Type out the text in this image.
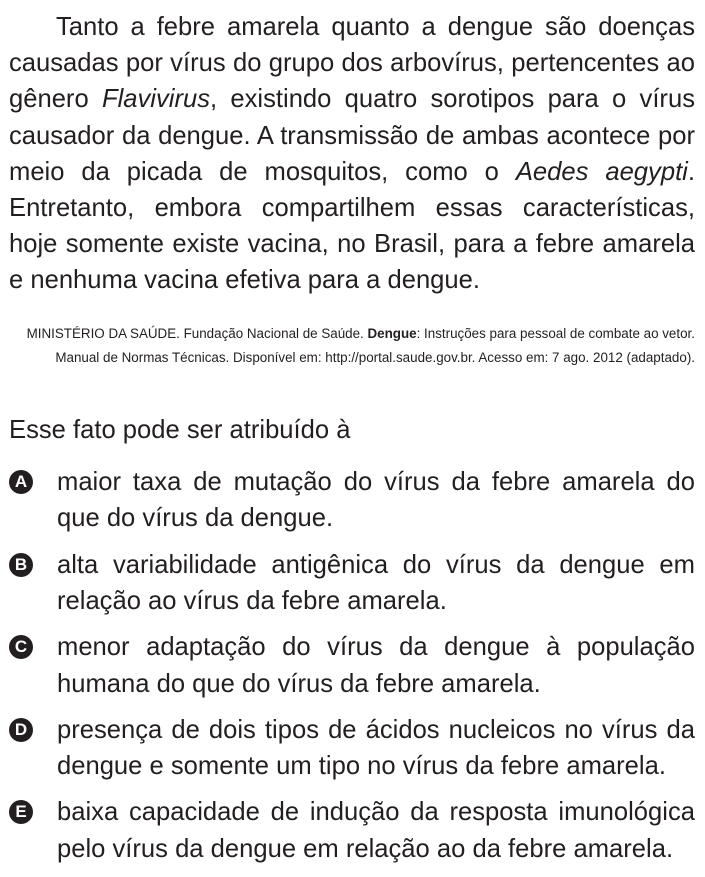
Tanto a febre amarela quanto a dengue são doenças causadas por vírus do grupo dos arbovírus, pertencentes ao gênero Flavivirus, existindo quatro sorotipos para o vírus causador da dengue. A transmissão de ambas acontece por meio da picada de mosquitos, como o Aedes aegypti. Entretanto, embora compartilhem essas características, hoje somente existe vacina, no Brasil, para a febre amarela e nenhuma vacina efetiva para a dengue.

MINISTÉRIO DA SAÚDE. Fundação Nacional de Saúde. Dengue: Instruções para pessoal de combate ao vetor. Manual de Normas Técnicas. Disponível em: http://portal.saude.gov.br. Acesso em: 7 ago. 2012 (adaptado).

Esse fato pode ser atribuído à

A maior taxa de mutação do vírus da febre amarela do que do vírus da dengue.
B alta variabilidade antigênica do vírus da dengue em relação ao vírus da febre amarela.
C menor adaptação do vírus da dengue à população humana do que do vírus da febre amarela.
D presença de dois tipos de ácidos nucleicos no vírus da dengue e somente um tipo no vírus da febre amarela.
E baixa capacidade de indução da resposta imunológica pelo vírus da dengue em relação ao da febre amarela.
